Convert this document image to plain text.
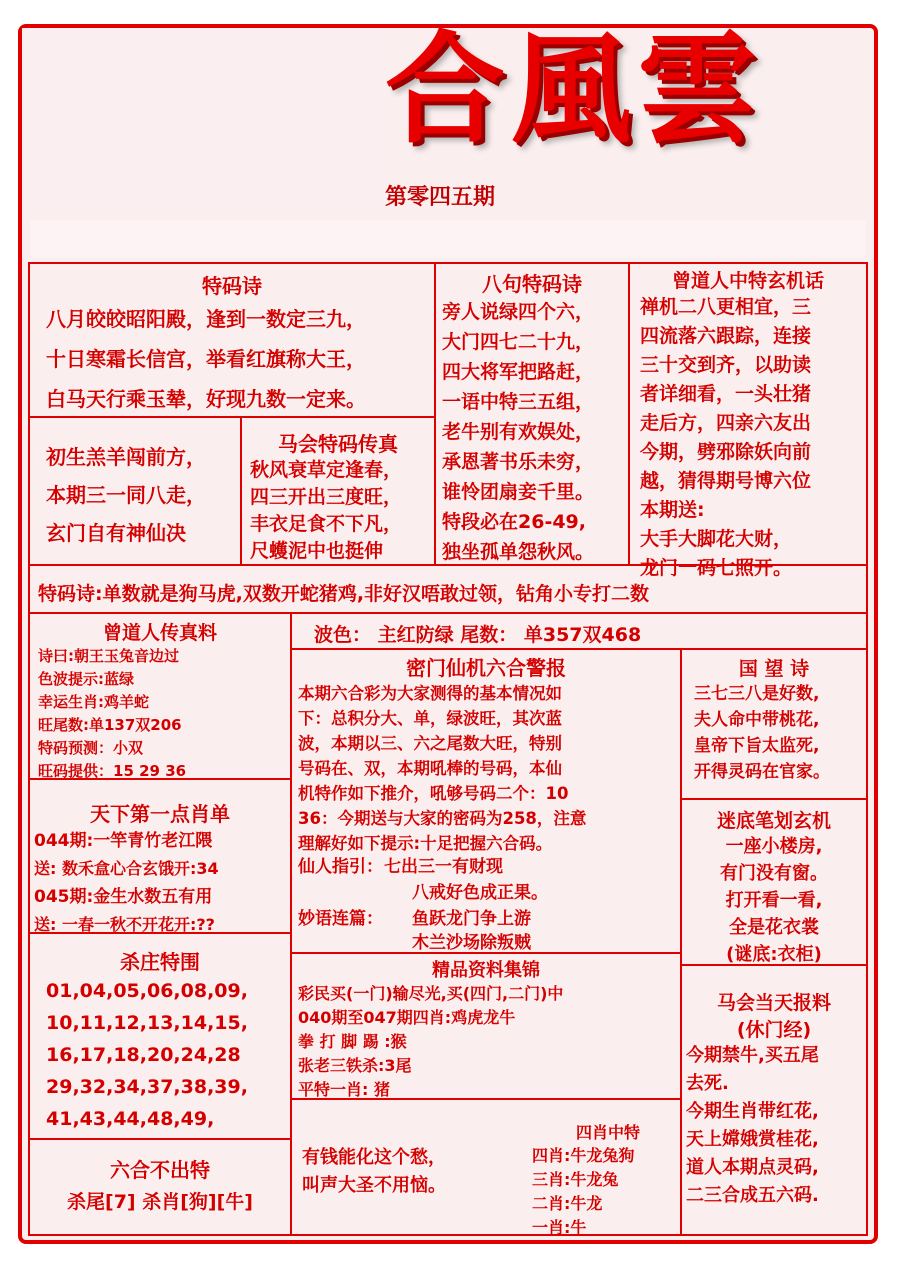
合風雲
第零四五期
特码诗
八月皎皎昭阳殿，逢到一数定三九，
十日寒霜长信宫，举看红旗称大王，
白马天行乘玉辇，好现九数一定来。
八句特码诗
旁人说绿四个六，
大门四七二十九，
四大将军把路赶，
一语中特三五组，
老牛别有欢娱处，
承恩著书乐未穷，
谁怜团扇妾千里。
特段必在26-49,
独坐孤单怨秋风。
曾道人中特玄机话
禅机二八更相宜，三
四流落六跟踪，连接
三十交到齐，以助读
者详细看，一头壮猪
走后方，四亲六友出
今期，劈邪除妖向前
越，猜得期号博六位
本期送:
大手大脚花大财，
龙门一码七照开。
初生羔羊闯前方，
本期三一同八走，
玄门自有神仙决
马会特码传真
秋风衰草定逢春，
四三开出三度旺，
丰衣足食不下凡，
尺蠖泥中也挺伸
特码诗:单数就是狗马虎,双数开蛇猪鸡,非好汉唔敢过领，钻角小专打二数
曾道人传真料
诗曰:朝王玉兔音边过
色波提示:蓝绿
幸运生肖:鸡羊蛇
旺尾数:单137双206
特码预测：小双
旺码提供：15 29 36
天下第一点肖单
044期:一竿青竹老江隈
送: 数禾盒心合玄饿开:34
045期:金生水数五有用
送: 一春一秋不开花开:??
杀庄特围
01,04,05,06,08,09,
10,11,12,13,14,15,
16,17,18,20,24,28
29,32,34,37,38,39,
41,43,44,48,49,
六合不出特
杀尾[7] 杀肖[狗][牛]
波色： 主红防绿 尾数： 单357双468
密门仙机六合警报
本期六合彩为大家测得的基本情况如
下：总积分大、单，绿波旺，其次蓝
波，本期以三、六之尾数大旺，特别
号码在、双，本期吼棒的号码，本仙
机特作如下推介，吼够号码二个：10
36：今期送与大家的密码为258，注意
理解好如下提示:十足把握六合码。
仙人指引： 七出三一有财现
八戒好色成正果。
妙语连篇： 鱼跃龙门争上游
木兰沙场除叛贼
精品资料集锦
彩民买(一门)输尽光,买(四门,二门)中
040期至047期四肖:鸡虎龙牛
拳 打 脚 踢 :猴
张老三铁杀:3尾
平特一肖: 猪
有钱能化这个愁，
叫声大圣不用恼。
四肖中特
四肖:牛龙兔狗
三肖:牛龙兔
二肖:牛龙
一肖:牛
国 望 诗
三七三八是好数,
夫人命中带桃花,
皇帝下旨太监死,
开得灵码在官家。
迷底笔划玄机
一座小楼房,
有门没有窗。
打开看一看,
全是花衣裳
(谜底:衣柜)
马会当天报料
(休门经)
今期禁牛,买五尾
去死.
今期生肖带红花,
天上嫦娥赏桂花,
道人本期点灵码,
二三合成五六码.
